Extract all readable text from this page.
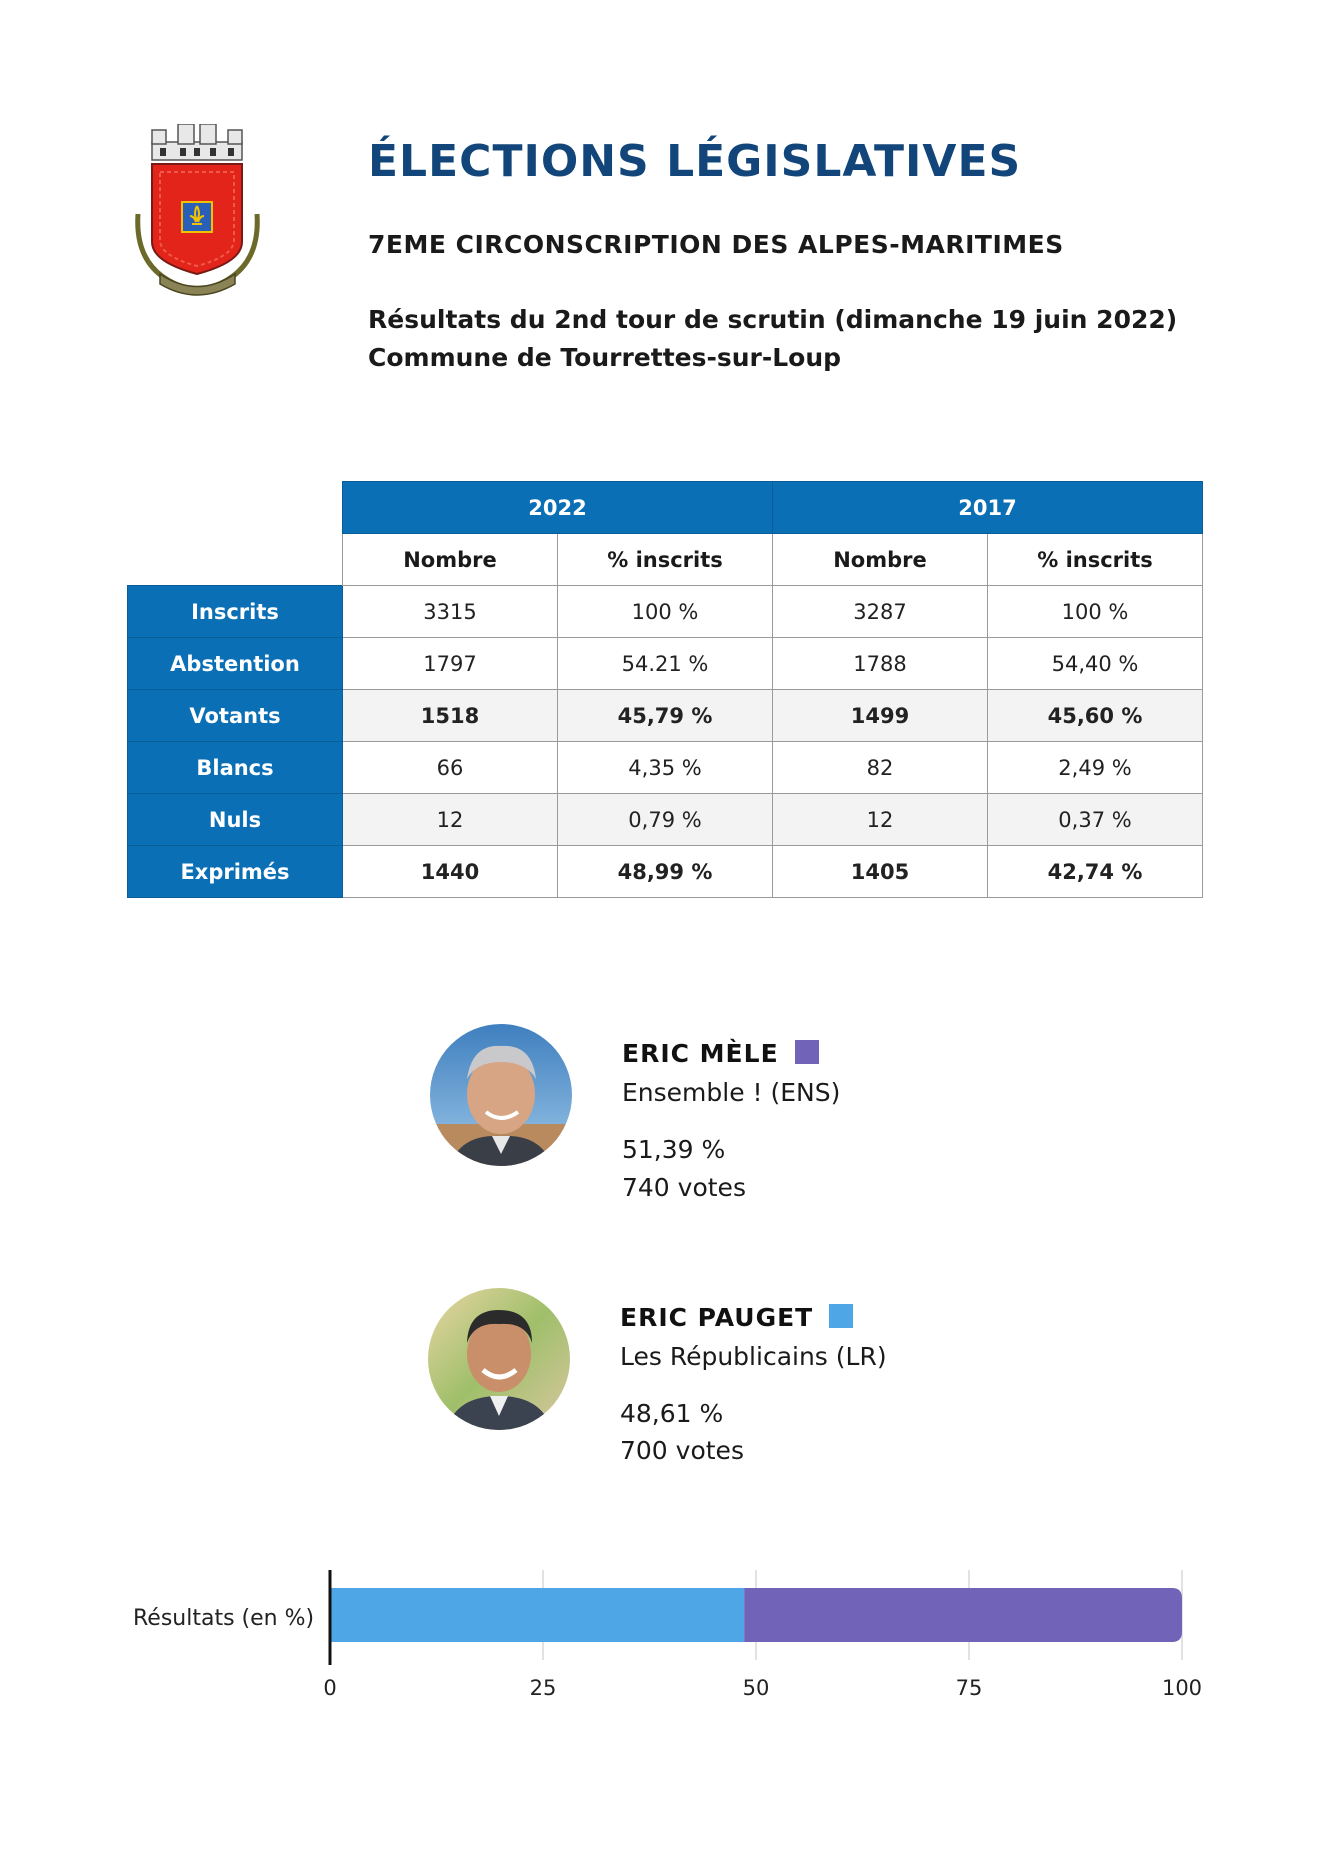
ÉLECTIONS LÉGISLATIVES
7EME CIRCONSCRIPTION DES ALPES-MARITIMES
Résultats du 2nd tour de scrutin (dimanche 19 juin 2022)
Commune de Tourrettes-sur-Loup
	2022		2017	
	Nombre	% inscrits	Nombre	% inscrits
Inscrits	3315	100 %	3287	100 %
Abstention	1797	54.21 %	1788	54,40 %
Votants	1518	45,79 %	1499	45,60 %
Blancs	66	4,35 %	82	2,49 %
Nuls	12	0,79 %	12	0,37 %
Exprimés	1440	48,99 %	1405	42,74 %
ERIC MÈLE
Ensemble ! (ENS)
51,39 %
740 votes
ERIC PAUGET
Les Républicains (LR)
48,61 %
700 votes
Résultats (en %)
0	25	50	75	100
